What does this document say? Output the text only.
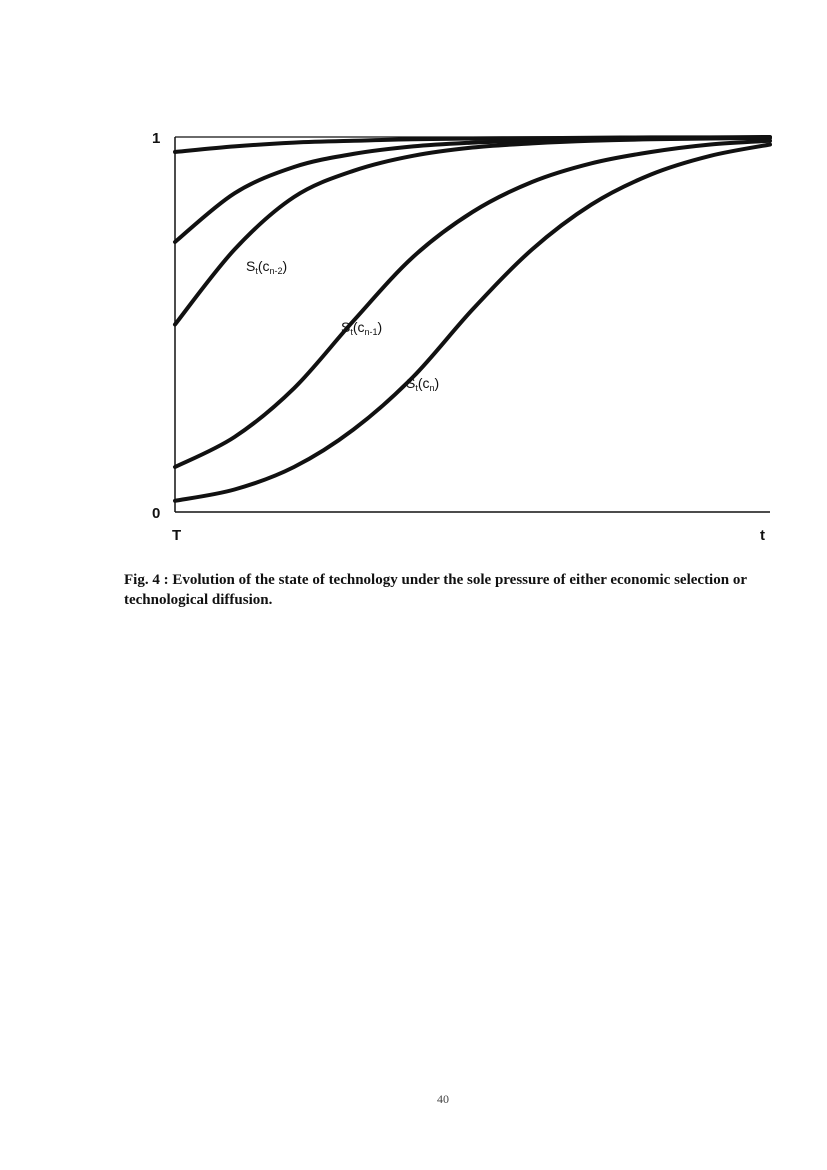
1
0
T	t
$S_t(c_{n-2})$
$S_t(c_{n-1})$
$S_t(c_n)$

Fig. 4 : Evolution of the state of technology under the sole pressure of either economic selection or technological diffusion.

40
